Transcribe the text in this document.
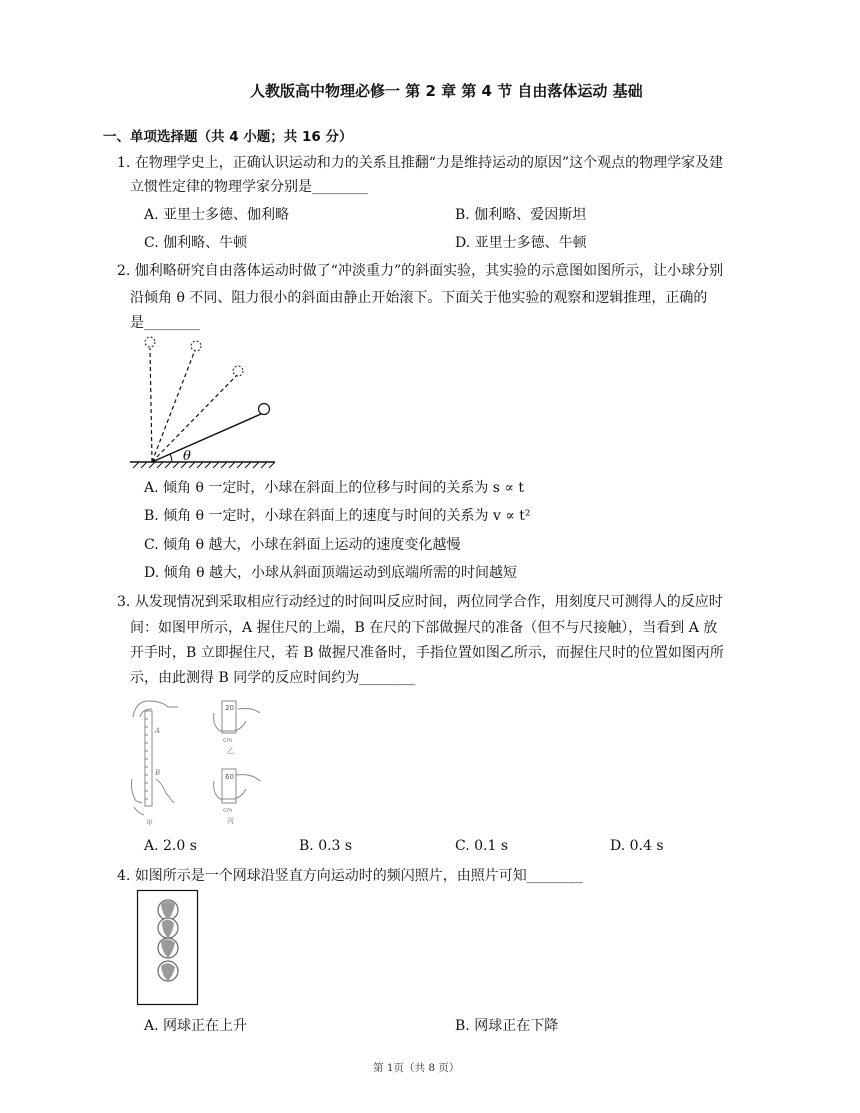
人教版高中物理必修一 第 2 章 第 4 节 自由落体运动 基础
一、单项选择题（共 4 小题；共 16 分）
1. 在物理学史上，正确认识运动和力的关系且推翻“力是维持运动的原因”这个观点的物理学家及建
立惯性定律的物理学家分别是________
A. 亚里士多德、伽利略	B. 伽利略、爱因斯坦
C. 伽利略、牛顿	D. 亚里士多德、牛顿
2. 伽利略研究自由落体运动时做了“冲淡重力”的斜面实验，其实验的示意图如图所示，让小球分别
沿倾角 θ 不同、阻力很小的斜面由静止开始滚下。下面关于他实验的观察和逻辑推理，正确的
是________
θ
A. 倾角 θ 一定时，小球在斜面上的位移与时间的关系为 s ∝ t
B. 倾角 θ 一定时，小球在斜面上的速度与时间的关系为 v ∝ t²
C. 倾角 θ 越大，小球在斜面上运动的速度变化越慢
D. 倾角 θ 越大，小球从斜面顶端运动到底端所需的时间越短
3. 从发现情况到采取相应行动经过的时间叫反应时间，两位同学合作，用刻度尺可测得人的反应时
间：如图甲所示，A 握住尺的上端，B 在尺的下部做握尺的准备（但不与尺接触），当看到 A 放
开手时，B 立即握住尺，若 B 做握尺准备时，手指位置如图乙所示，而握住尺时的位置如图丙所
示，由此测得 B 同学的反应时间约为________
A
B
甲
20
cm
乙
60
cm
丙
A. 2.0 s	B. 0.3 s	C. 0.1 s	D. 0.4 s
4. 如图所示是一个网球沿竖直方向运动时的频闪照片，由照片可知________
A. 网球正在上升	B. 网球正在下降
第 1页（共 8 页）
